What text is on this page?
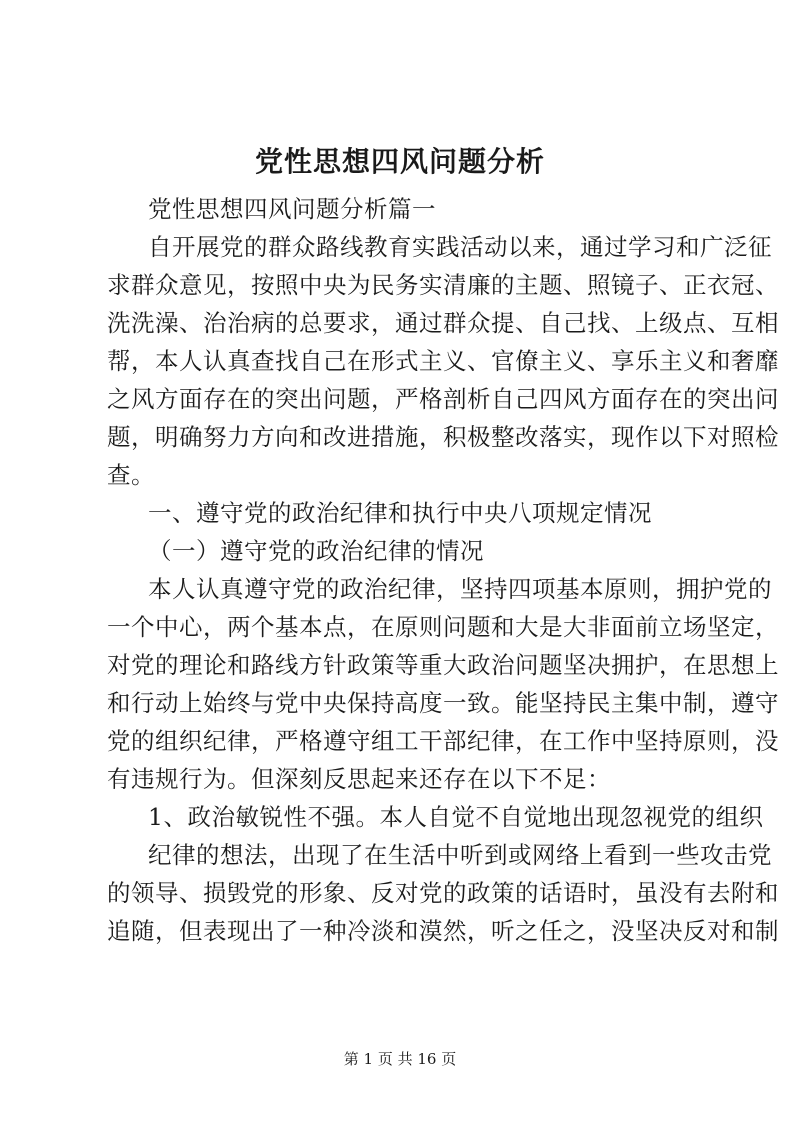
党性思想四风问题分析
党性思想四风问题分析篇一
自开展党的群众路线教育实践活动以来，通过学习和广泛征
求群众意见，按照中央为民务实清廉的主题、照镜子、正衣冠、
洗洗澡、治治病的总要求，通过群众提、自己找、上级点、互相
帮，本人认真查找自己在形式主义、官僚主义、享乐主义和奢靡
之风方面存在的突出问题，严格剖析自己四风方面存在的突出问
题，明确努力方向和改进措施，积极整改落实，现作以下对照检
查。
一、遵守党的政治纪律和执行中央八项规定情况
（一）遵守党的政治纪律的情况
本人认真遵守党的政治纪律，坚持四项基本原则，拥护党的
一个中心，两个基本点，在原则问题和大是大非面前立场坚定，
对党的理论和路线方针政策等重大政治问题坚决拥护，在思想上
和行动上始终与党中央保持高度一致。能坚持民主集中制，遵守
党的组织纪律，严格遵守组工干部纪律，在工作中坚持原则，没
有违规行为。但深刻反思起来还存在以下不足：
1、政治敏锐性不强。本人自觉不自觉地出现忽视党的组织
纪律的想法，出现了在生活中听到或网络上看到一些攻击党
的领导、损毁党的形象、反对党的政策的话语时，虽没有去附和
追随，但表现出了一种冷淡和漠然，听之任之，没坚决反对和制
第 1 页 共 16 页
